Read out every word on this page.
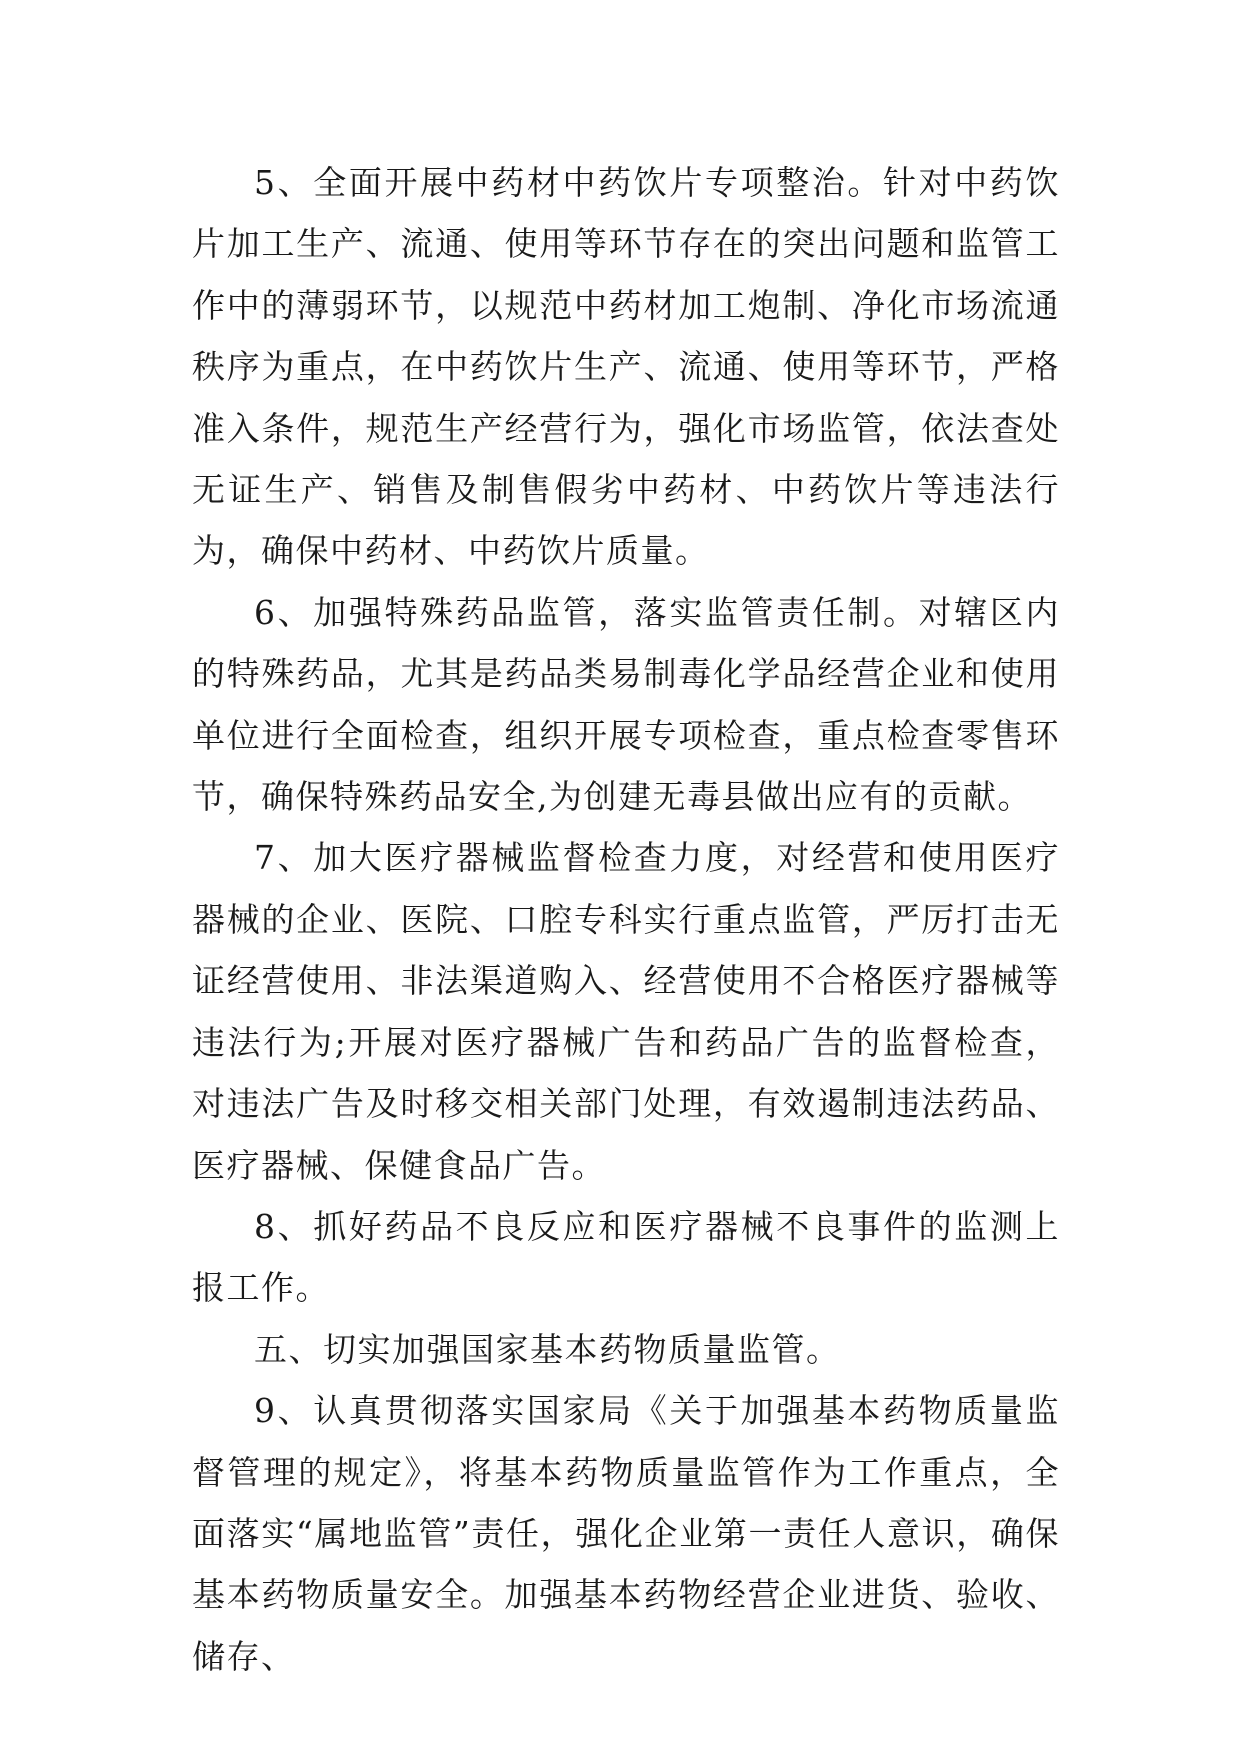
5、全面开展中药材中药饮片专项整治。针对中药饮片加工生产、流通、使用等环节存在的突出问题和监管工作中的薄弱环节，以规范中药材加工炮制、净化市场流通秩序为重点，在中药饮片生产、流通、使用等环节，严格准入条件，规范生产经营行为，强化市场监管，依法查处无证生产、销售及制售假劣中药材、中药饮片等违法行为，确保中药材、中药饮片质量。

6、加强特殊药品监管，落实监管责任制。对辖区内的特殊药品，尤其是药品类易制毒化学品经营企业和使用单位进行全面检查，组织开展专项检查，重点检查零售环节，确保特殊药品安全,为创建无毒县做出应有的贡献。

7、加大医疗器械监督检查力度，对经营和使用医疗器械的企业、医院、口腔专科实行重点监管，严厉打击无证经营使用、非法渠道购入、经营使用不合格医疗器械等违法行为;开展对医疗器械广告和药品广告的监督检查，对违法广告及时移交相关部门处理，有效遏制违法药品、医疗器械、保健食品广告。

8、抓好药品不良反应和医疗器械不良事件的监测上报工作。

五、切实加强国家基本药物质量监管。

9、认真贯彻落实国家局《关于加强基本药物质量监督管理的规定》，将基本药物质量监管作为工作重点，全面落实“属地监管”责任，强化企业第一责任人意识，确保基本药物质量安全。加强基本药物经营企业进货、验收、储存、
